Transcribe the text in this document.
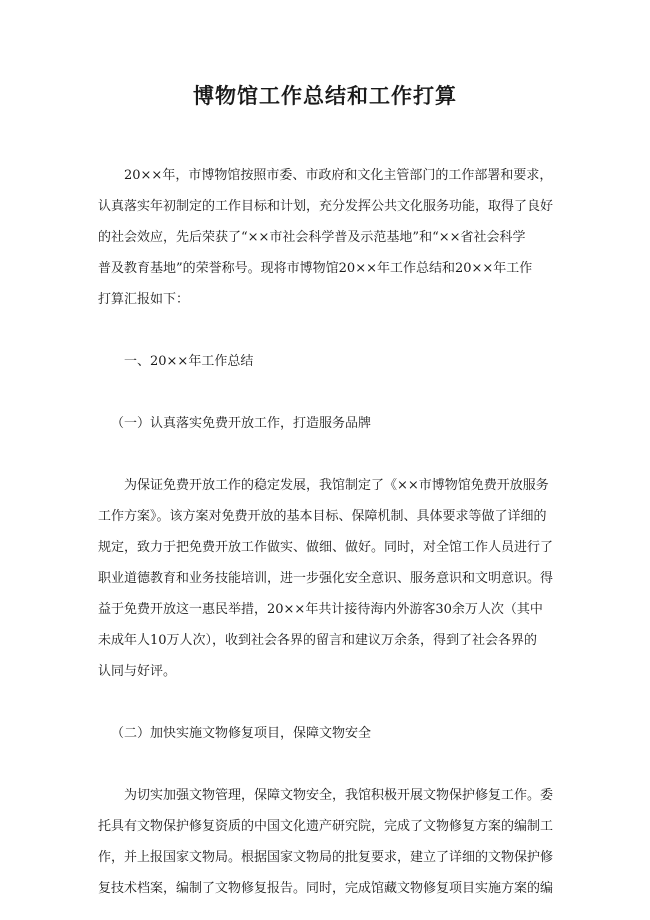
博物馆工作总结和工作打算

20××年，市博物馆按照市委、市政府和文化主管部门的工作部署和要求，
认真落实年初制定的工作目标和计划，充分发挥公共文化服务功能，取得了良好
的社会效应，先后荣获了“××市社会科学普及示范基地”和“××省社会科学
普及教育基地”的荣誉称号。现将市博物馆20××年工作总结和20××年工作
打算汇报如下：

一、20××年工作总结

（一）认真落实免费开放工作，打造服务品牌

为保证免费开放工作的稳定发展，我馆制定了《××市博物馆免费开放服务
工作方案》。该方案对免费开放的基本目标、保障机制、具体要求等做了详细的
规定，致力于把免费开放工作做实、做细、做好。同时，对全馆工作人员进行了
职业道德教育和业务技能培训，进一步强化安全意识、服务意识和文明意识。得
益于免费开放这一惠民举措，20××年共计接待海内外游客30余万人次（其中
未成年人10万人次），收到社会各界的留言和建议万余条，得到了社会各界的
认同与好评。

（二）加快实施文物修复项目，保障文物安全

为切实加强文物管理，保障文物安全，我馆积极开展文物保护修复工作。委
托具有文物保护修复资质的中国文化遗产研究院，完成了文物修复方案的编制工
作，并上报国家文物局。根据国家文物局的批复要求，建立了详细的文物保护修
复技术档案，编制了文物修复报告。同时，完成馆藏文物修复项目实施方案的编
